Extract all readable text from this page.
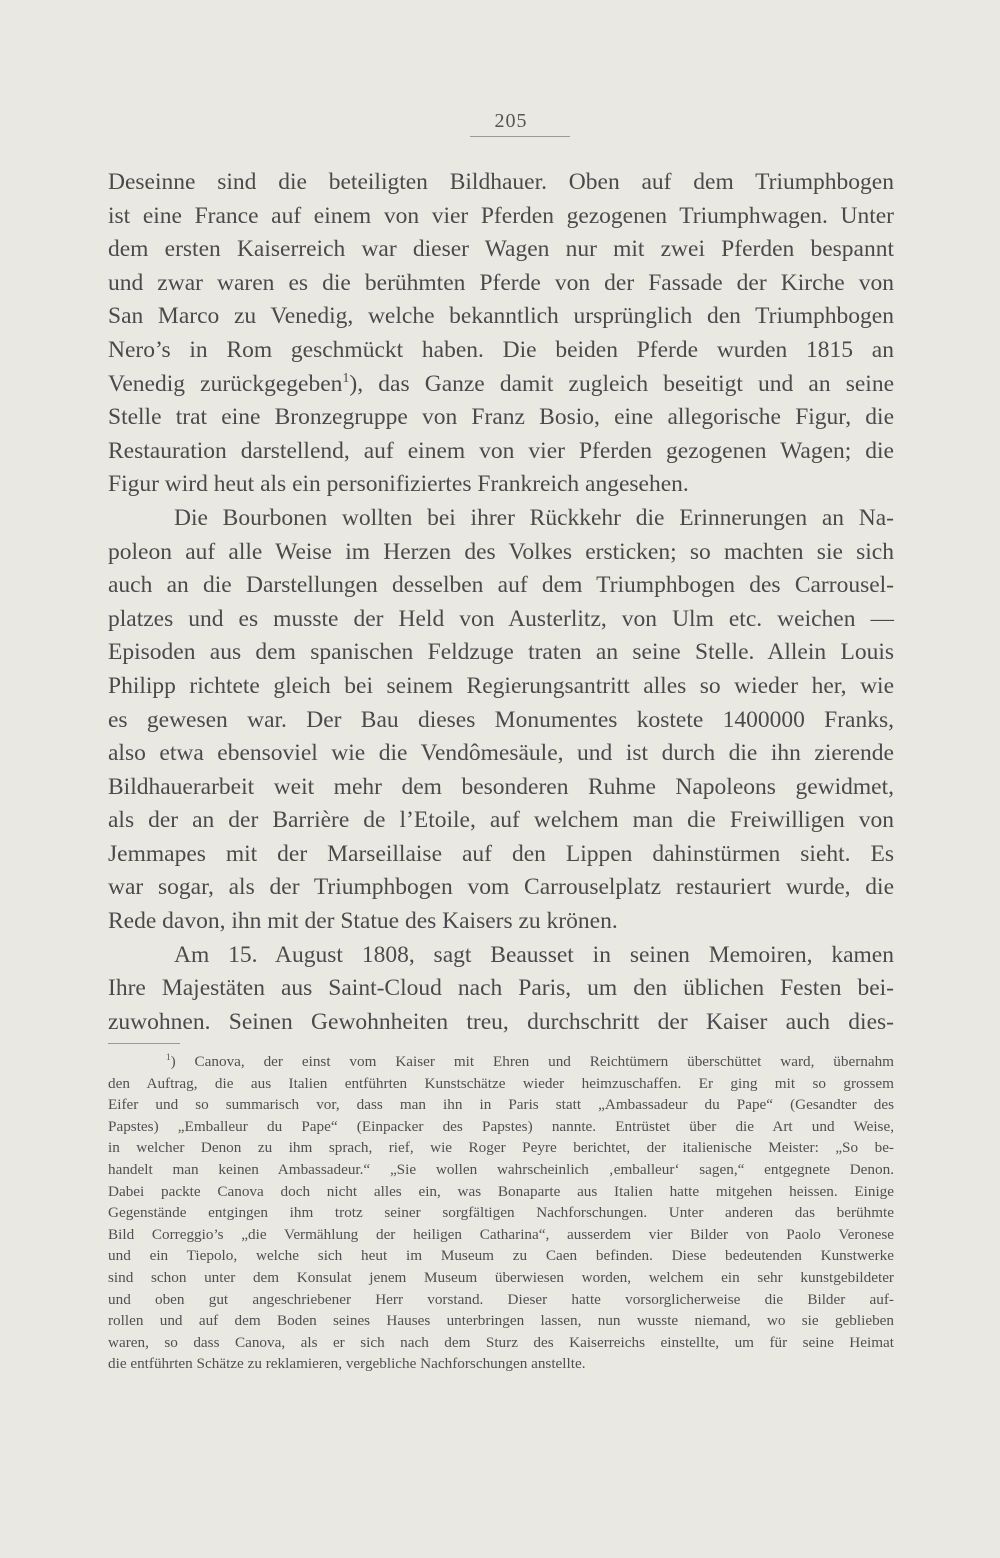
205
Deseinne sind die beteiligten Bildhauer. Oben auf dem Triumphbogen
ist eine France auf einem von vier Pferden gezogenen Triumphwagen. Unter
dem ersten Kaiserreich war dieser Wagen nur mit zwei Pferden bespannt
und zwar waren es die berühmten Pferde von der Fassade der Kirche von
San Marco zu Venedig, welche bekanntlich ursprünglich den Triumphbogen
Nero’s in Rom geschmückt haben. Die beiden Pferde wurden 1815 an
Venedig zurückgegeben$^1$), das Ganze damit zugleich beseitigt und an seine
Stelle trat eine Bronzegruppe von Franz Bosio, eine allegorische Figur, die
Restauration darstellend, auf einem von vier Pferden gezogenen Wagen; die
Figur wird heut als ein personifiziertes Frankreich angesehen.
Die Bourbonen wollten bei ihrer Rückkehr die Erinnerungen an Na-
poleon auf alle Weise im Herzen des Volkes ersticken; so machten sie sich
auch an die Darstellungen desselben auf dem Triumphbogen des Carrousel-
platzes und es musste der Held von Austerlitz, von Ulm etc. weichen —
Episoden aus dem spanischen Feldzuge traten an seine Stelle. Allein Louis
Philipp richtete gleich bei seinem Regierungsantritt alles so wieder her, wie
es gewesen war. Der Bau dieses Monumentes kostete 1400000 Franks,
also etwa ebensoviel wie die Vendômesäule, und ist durch die ihn zierende
Bildhauerarbeit weit mehr dem besonderen Ruhme Napoleons gewidmet,
als der an der Barrière de l’Etoile, auf welchem man die Freiwilligen von
Jemmapes mit der Marseillaise auf den Lippen dahinstürmen sieht. Es
war sogar, als der Triumphbogen vom Carrouselplatz restauriert wurde, die
Rede davon, ihn mit der Statue des Kaisers zu krönen.
Am 15. August 1808, sagt Beausset in seinen Memoiren, kamen
Ihre Majestäten aus Saint-Cloud nach Paris, um den üblichen Festen bei-
zuwohnen. Seinen Gewohnheiten treu, durchschritt der Kaiser auch dies-
$^1$) Canova, der einst vom Kaiser mit Ehren und Reichtümern überschüttet ward, übernahm
den Auftrag, die aus Italien entführten Kunstschätze wieder heimzuschaffen. Er ging mit so grossem
Eifer und so summarisch vor, dass man ihn in Paris statt „Ambassadeur du Pape“ (Gesandter des
Papstes) „Emballeur du Pape“ (Einpacker des Papstes) nannte. Entrüstet über die Art und Weise,
in welcher Denon zu ihm sprach, rief, wie Roger Peyre berichtet, der italienische Meister: „So be-
handelt man keinen Ambassadeur.“ „Sie wollen wahrscheinlich ‚emballeur‘ sagen,“ entgegnete Denon.
Dabei packte Canova doch nicht alles ein, was Bonaparte aus Italien hatte mitgehen heissen. Einige
Gegenstände entgingen ihm trotz seiner sorgfältigen Nachforschungen. Unter anderen das berühmte
Bild Correggio’s „die Vermählung der heiligen Catharina“, ausserdem vier Bilder von Paolo Veronese
und ein Tiepolo, welche sich heut im Museum zu Caen befinden. Diese bedeutenden Kunstwerke
sind schon unter dem Konsulat jenem Museum überwiesen worden, welchem ein sehr kunstgebildeter
und oben gut angeschriebener Herr vorstand. Dieser hatte vorsorglicherweise die Bilder auf-
rollen und auf dem Boden seines Hauses unterbringen lassen, nun wusste niemand, wo sie geblieben
waren, so dass Canova, als er sich nach dem Sturz des Kaiserreichs einstellte, um für seine Heimat
die entführten Schätze zu reklamieren, vergebliche Nachforschungen anstellte.
